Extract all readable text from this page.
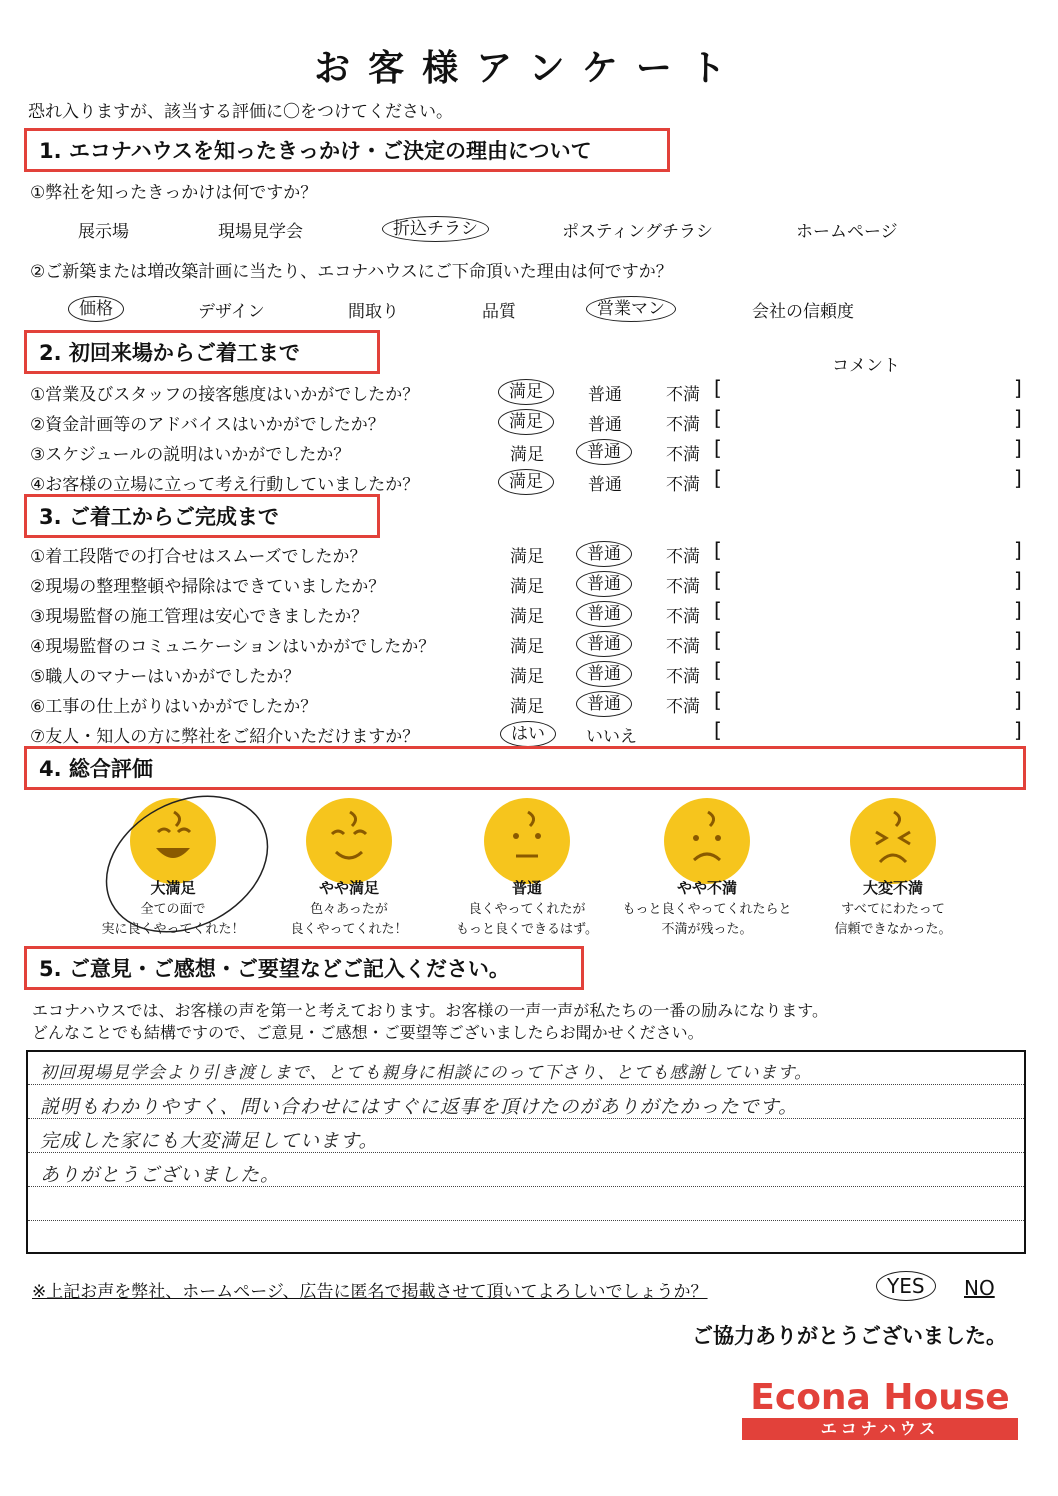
お客様アンケート
恐れ入りますが、該当する評価に〇をつけてください。
1. エコナハウスを知ったきっかけ・ご決定の理由について
①弊社を知ったきっかけは何ですか？
展示場	現場見学会	折込チラシ	ポスティングチラシ	ホームページ
②ご新築または増改築計画に当たり、エコナハウスにご下命頂いた理由は何ですか？
価格	デザイン	間取り	品質	営業マン	会社の信頼度
2. 初回来場からご着工まで
コメント
①営業及びスタッフの接客態度はいかがでしたか？	満足	普通	不満 [	]
②資金計画等のアドバイスはいかがでしたか？	満足	普通	不満 [	]
③スケジュールの説明はいかがでしたか？	満足	普通	不満 [	]
④お客様の立場に立って考え行動していましたか？	満足	普通	不満 [	]
3. ご着工からご完成まで
①着工段階での打合せはスムーズでしたか？	満足	普通	不満 [	]
②現場の整理整頓や掃除はできていましたか？	満足	普通	不満 [	]
③現場監督の施工管理は安心できましたか？	満足	普通	不満 [	]
④現場監督のコミュニケーションはいかがでしたか？	満足	普通	不満 [	]
⑤職人のマナーはいかがでしたか？	満足	普通	不満 [	]
⑥工事の仕上がりはいかがでしたか？	満足	普通	不満 [	]
⑦友人・知人の方に弊社をご紹介いただけますか？	はい	いいえ	[	]
4. 総合評価
大満足
全ての面で
実に良くやってくれた！
やや満足
色々あったが
良くやってくれた！
普通
良くやってくれたが
もっと良くできるはず。
やや不満
もっと良くやってくれたらと
不満が残った。
大変不満
すべてにわたって
信頼できなかった。
5. ご意見・ご感想・ご要望などご記入ください。
エコナハウスでは、お客様の声を第一と考えております。お客様の一声一声が私たちの一番の励みになります。
どんなことでも結構ですので、ご意見・ご感想・ご要望等ございましたらお聞かせください。
初回現場見学会より引き渡しまで、とても親身に相談にのって下さり、とても感謝しています。
説明もわかりやすく、問い合わせにはすぐに返事を頂けたのがありがたかったです。
完成した家にも大変満足しています。
ありがとうございました。
※上記お声を弊社、ホームページ、広告に匿名で掲載させて頂いてよろしいでしょうか？	YES	NO
ご協力ありがとうございました。
Econa House
エコナハウス
